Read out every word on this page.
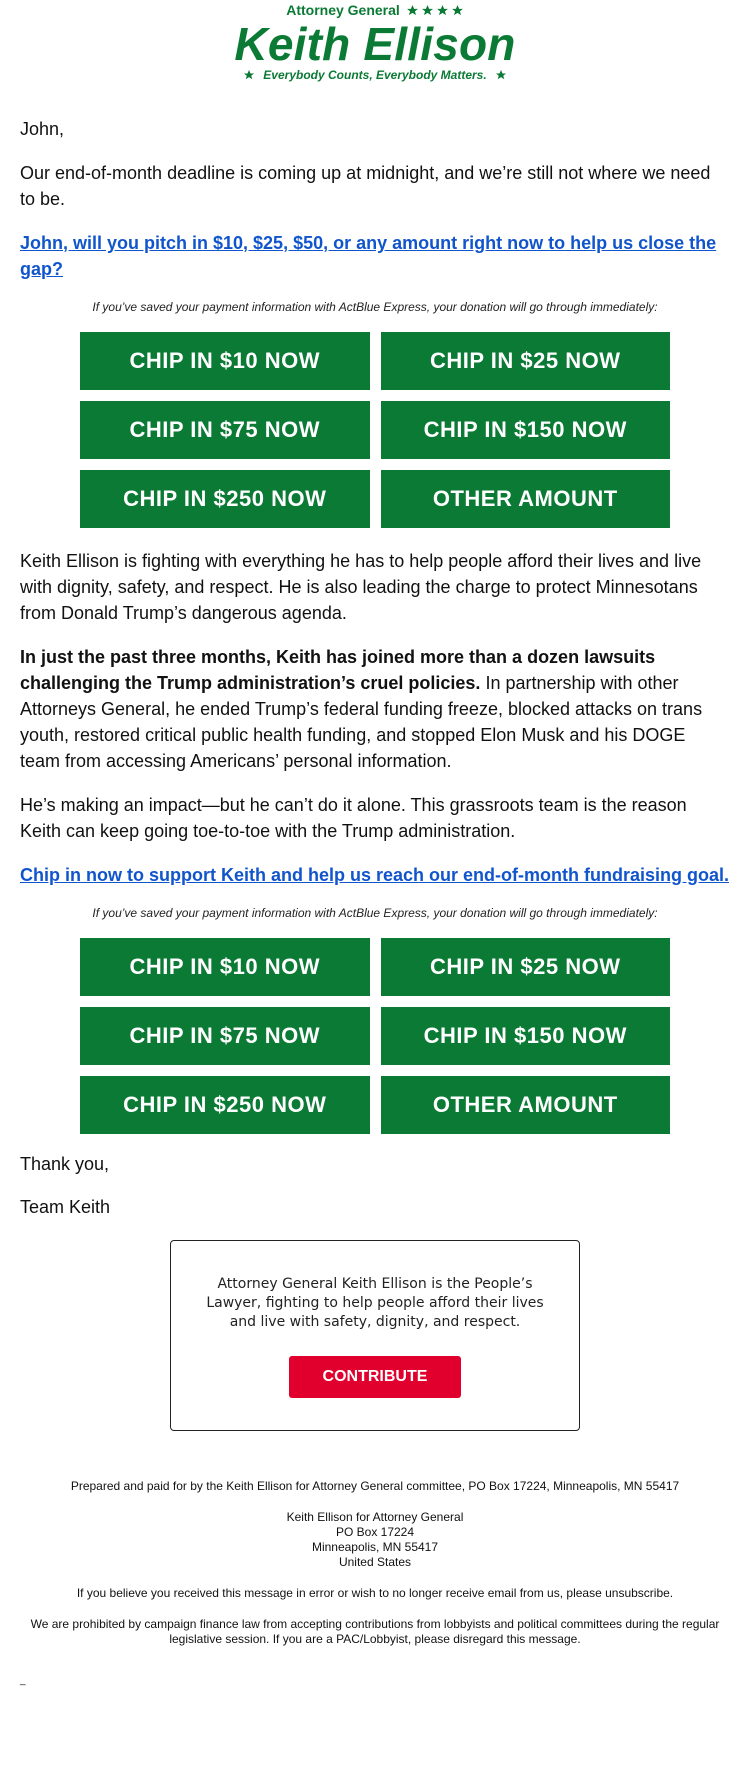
Attorney General
Keith Ellison
Everybody Counts, Everybody Matters.
John,
Our end-of-month deadline is coming up at midnight, and we’re still not where we need to be.
John, will you pitch in $10, $25, $50, or any amount right now to help us close the gap?
If you’ve saved your payment information with ActBlue Express, your donation will go through immediately:
CHIP IN $10 NOW	CHIP IN $25 NOW
CHIP IN $75 NOW	CHIP IN $150 NOW
CHIP IN $250 NOW	OTHER AMOUNT
Keith Ellison is fighting with everything he has to help people afford their lives and live with dignity, safety, and respect. He is also leading the charge to protect Minnesotans from Donald Trump’s dangerous agenda.
In just the past three months, Keith has joined more than a dozen lawsuits challenging the Trump administration’s cruel policies. In partnership with other Attorneys General, he ended Trump’s federal funding freeze, blocked attacks on trans youth, restored critical public health funding, and stopped Elon Musk and his DOGE team from accessing Americans’ personal information.
He’s making an impact—but he can’t do it alone. This grassroots team is the reason Keith can keep going toe-to-toe with the Trump administration.
Chip in now to support Keith and help us reach our end-of-month fundraising goal.
If you’ve saved your payment information with ActBlue Express, your donation will go through immediately:
CHIP IN $10 NOW	CHIP IN $25 NOW
CHIP IN $75 NOW	CHIP IN $150 NOW
CHIP IN $250 NOW	OTHER AMOUNT
Thank you,
Team Keith
Attorney General Keith Ellison is the People’s Lawyer, fighting to help people afford their lives and live with safety, dignity, and respect.
CONTRIBUTE
Prepared and paid for by the Keith Ellison for Attorney General committee, PO Box 17224, Minneapolis, MN 55417
Keith Ellison for Attorney General
PO Box 17224
Minneapolis, MN 55417
United States
If you believe you received this message in error or wish to no longer receive email from us, please unsubscribe.
We are prohibited by campaign finance law from accepting contributions from lobbyists and political committees during the regular legislative session. If you are a PAC/Lobbyist, please disregard this message.
_
